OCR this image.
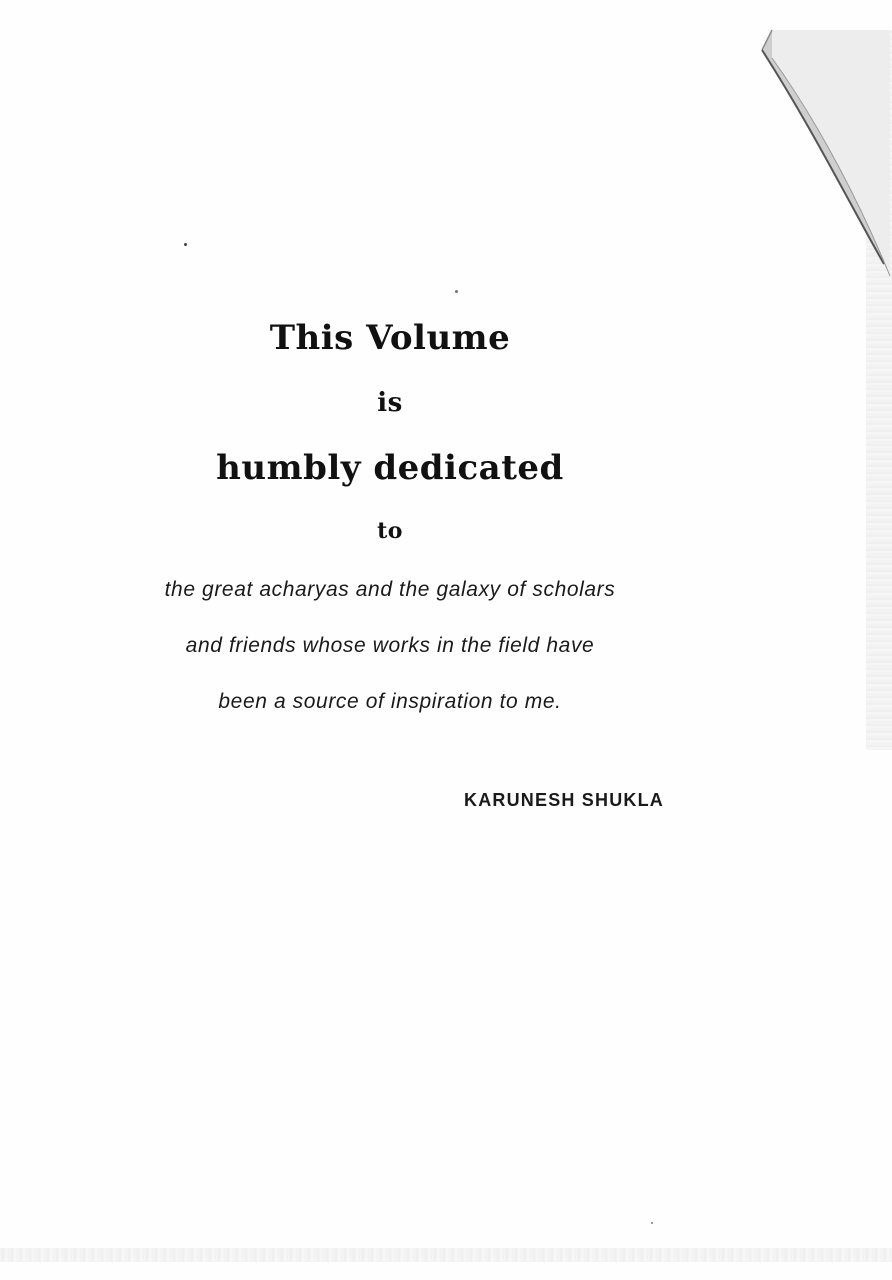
This Volume
is
humbly dedicated
to
the great acharyas and the galaxy of scholars
and friends whose works in the field have
been a source of inspiration to me.
KARUNESH SHUKLA
